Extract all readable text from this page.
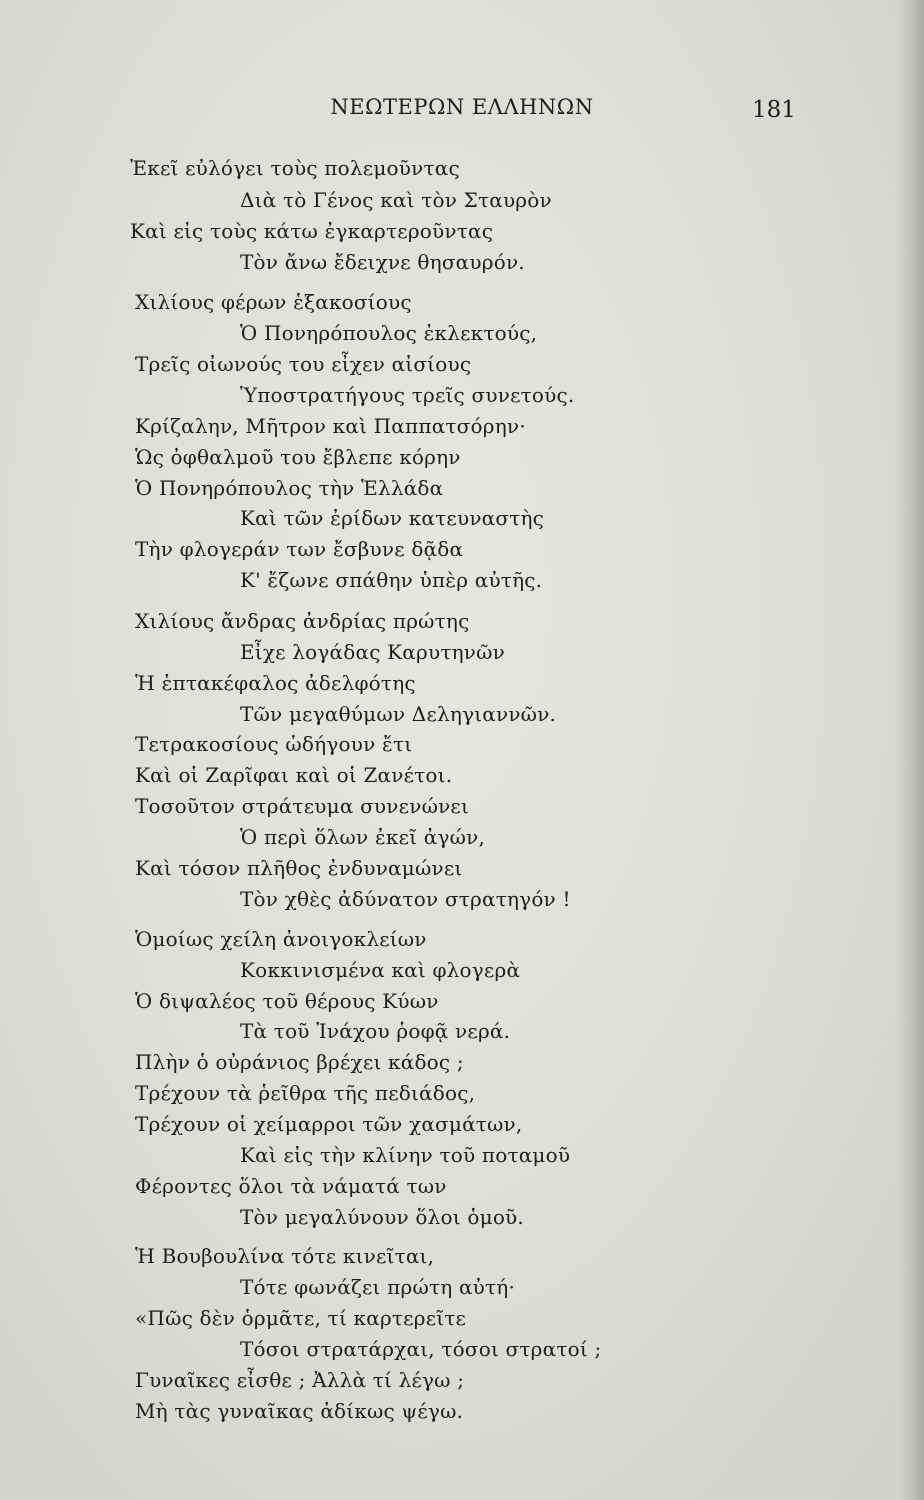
ΝΕΩΤΕΡΩΝ ΕΛΛΗΝΩΝ	181
Ἐκεῖ εὐλόγει τοὺς πολεμοῦντας
Διὰ τὸ Γένος καὶ τὸν Σταυρὸν
Καὶ εἰς τοὺς κάτω ἐγκαρτεροῦντας
Τὸν ἄνω ἔδειχνε θησαυρόν.
Χιλίους φέρων ἑξακοσίους
Ὁ Πονηρόπουλος ἐκλεκτούς,
Τρεῖς οἰωνούς του εἶχεν αἰσίους
Ὑποστρατήγους τρεῖς συνετούς.
Κρίζαλην, Μῆτρον καὶ Παππατσόρην·
Ὡς ὀφθαλμοῦ του ἔβλεπε κόρην
Ὁ Πονηρόπουλος τὴν Ἑλλάδα
Καὶ τῶν ἐρίδων κατευναστὴς
Τὴν φλογεράν των ἔσβυνε δᾷδα
Κ' ἔζωνε σπάθην ὑπὲρ αὐτῆς.
Χιλίους ἄνδρας ἀνδρίας πρώτης
Εἶχε λογάδας Καρυτηνῶν
Ἡ ἑπτακέφαλος ἀδελφότης
Τῶν μεγαθύμων Δεληγιαννῶν.
Τετρακοσίους ὡδήγουν ἔτι
Καὶ οἱ Ζαρῖφαι καὶ οἱ Ζανέτοι.
Τοσοῦτον στράτευμα συνενώνει
Ὁ περὶ ὅλων ἐκεῖ ἀγών,
Καὶ τόσον πλῆθος ἐνδυναμώνει
Τὸν χθὲς ἀδύνατον στρατηγόν !
Ὁμοίως χείλη ἀνοιγοκλείων
Κοκκινισμένα καὶ φλογερὰ
Ὁ διψαλέος τοῦ θέρους Κύων
Τὰ τοῦ Ἰνάχου ῥοφᾷ νερά.
Πλὴν ὁ οὐράνιος βρέχει κάδος ;
Τρέχουν τὰ ῥεῖθρα τῆς πεδιάδος,
Τρέχουν οἱ χείμαρροι τῶν χασμάτων,
Καὶ εἰς τὴν κλίνην τοῦ ποταμοῦ
Φέροντες ὅλοι τὰ νάματά των
Τὸν μεγαλύνουν ὅλοι ὁμοῦ.
Ἡ Βουβουλίνα τότε κινεῖται,
Τότε φωνάζει πρώτη αὐτή·
«Πῶς δὲν ὁρμᾶτε, τί καρτερεῖτε
Τόσοι στρατάρχαι, τόσοι στρατοί ;
Γυναῖκες εἶσθε ; Ἀλλὰ τί λέγω ;
Μὴ τὰς γυναῖκας ἀδίκως ψέγω.
